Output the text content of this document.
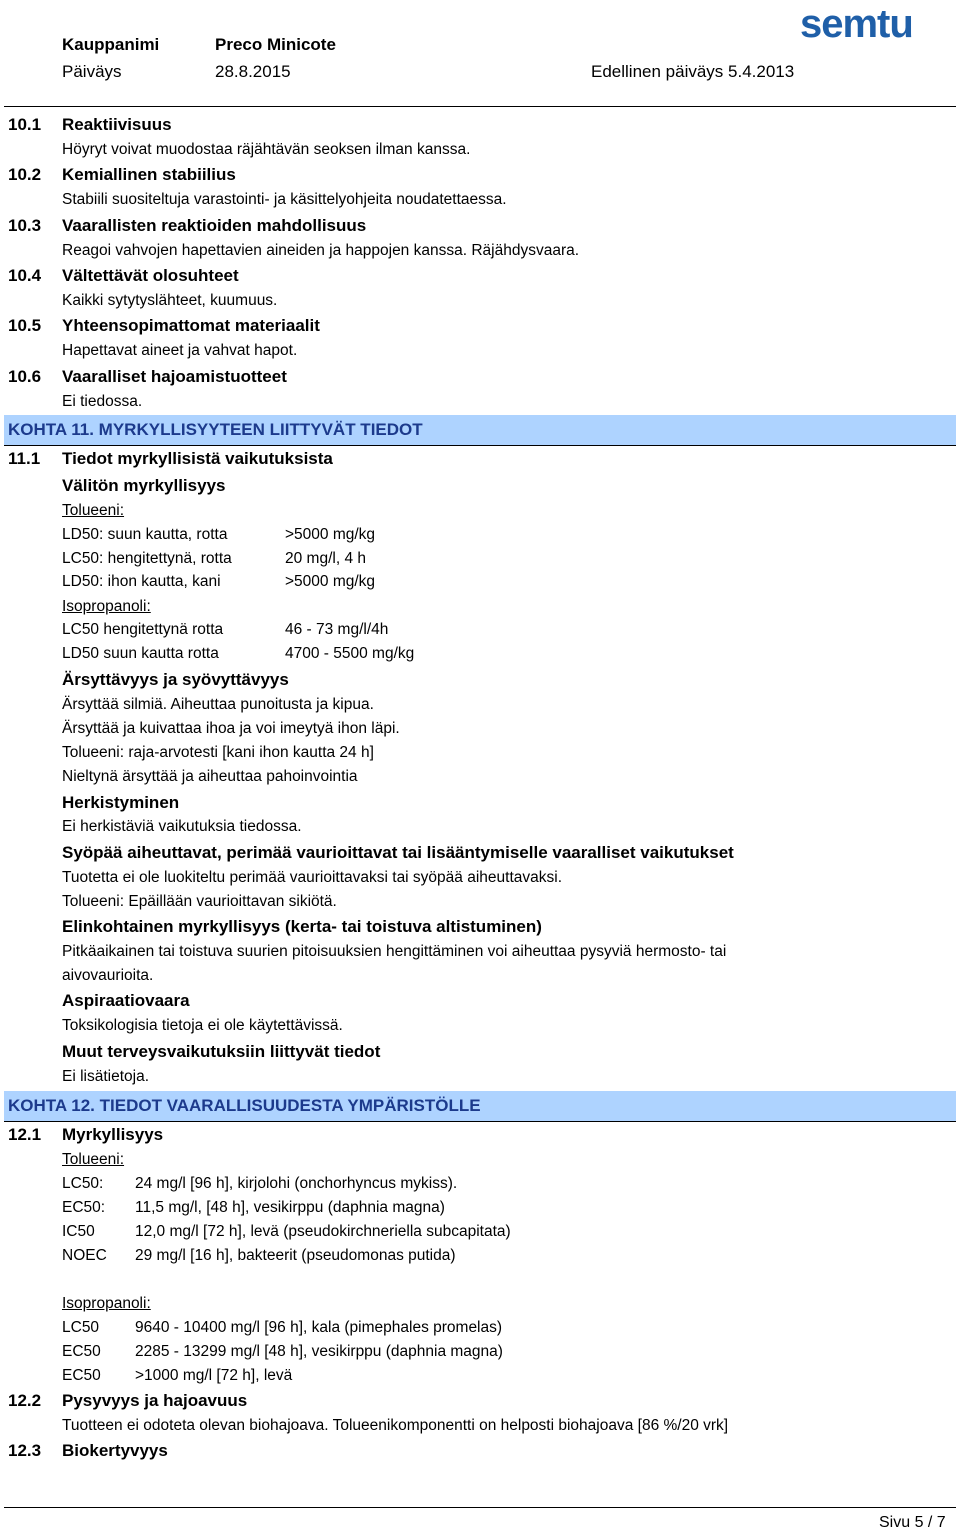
Kauppanimi	Preco Minicote
Päiväys	28.8.2015	Edellinen päiväys 5.4.2013
semtu
10.1 Reaktiivisuus
Höyryt voivat muodostaa räjähtävän seoksen ilman kanssa.
10.2 Kemiallinen stabiilius
Stabiili suositeltuja varastointi- ja käsittelyohjeita noudatettaessa.
10.3 Vaarallisten reaktioiden mahdollisuus
Reagoi vahvojen hapettavien aineiden ja happojen kanssa. Räjähdysvaara.
10.4 Vältettävät olosuhteet
Kaikki sytytyslähteet, kuumuus.
10.5 Yhteensopimattomat materiaalit
Hapettavat aineet ja vahvat hapot.
10.6 Vaaralliset hajoamistuotteet
Ei tiedossa.
KOHTA 11. MYRKYLLISYYTEEN LIITTYVÄT TIEDOT
11.1 Tiedot myrkyllisistä vaikutuksista
Välitön myrkyllisyys
Tolueeni:
LD50: suun kautta, rotta	>5000 mg/kg
LC50: hengitettynä, rotta	20 mg/l, 4 h
LD50: ihon kautta, kani	>5000 mg/kg
Isopropanoli:
LC50 hengitettynä rotta	46 - 73 mg/l/4h
LD50 suun kautta rotta	4700 - 5500 mg/kg
Ärsyttävyys ja syövyttävyys
Ärsyttää silmiä. Aiheuttaa punoitusta ja kipua.
Ärsyttää ja kuivattaa ihoa ja voi imeytyä ihon läpi.
Tolueeni: raja-arvotesti [kani ihon kautta 24 h]
Nieltynä ärsyttää ja aiheuttaa pahoinvointia
Herkistyminen
Ei herkistäviä vaikutuksia tiedossa.
Syöpää aiheuttavat, perimää vaurioittavat tai lisääntymiselle vaaralliset vaikutukset
Tuotetta ei ole luokiteltu perimää vaurioittavaksi tai syöpää aiheuttavaksi.
Tolueeni: Epäillään vaurioittavan sikiötä.
Elinkohtainen myrkyllisyys (kerta- tai toistuva altistuminen)
Pitkäaikainen tai toistuva suurien pitoisuuksien hengittäminen voi aiheuttaa pysyviä hermosto- tai
aivovaurioita.
Aspiraatiovaara
Toksikologisia tietoja ei ole käytettävissä.
Muut terveysvaikutuksiin liittyvät tiedot
Ei lisätietoja.
KOHTA 12. TIEDOT VAARALLISUUDESTA YMPÄRISTÖLLE
12.1 Myrkyllisyys
Tolueeni:
LC50: 24 mg/l [96 h], kirjolohi (onchorhyncus mykiss).
EC50: 11,5 mg/l, [48 h], vesikirppu (daphnia magna)
IC50	12,0 mg/l [72 h], levä (pseudokirchneriella subcapitata)
NOEC 29 mg/l [16 h], bakteerit (pseudomonas putida)
Isopropanoli:
LC50 9640 - 10400 mg/l [96 h], kala (pimephales promelas)
EC50 2285 - 13299 mg/l [48 h], vesikirppu (daphnia magna)
EC50 >1000 mg/l [72 h], levä
12.2 Pysyvyys ja hajoavuus
Tuotteen ei odoteta olevan biohajoava. Tolueenikomponentti on helposti biohajoava [86 %/20 vrk]
12.3 Biokertyvyys
Sivu 5 / 7
